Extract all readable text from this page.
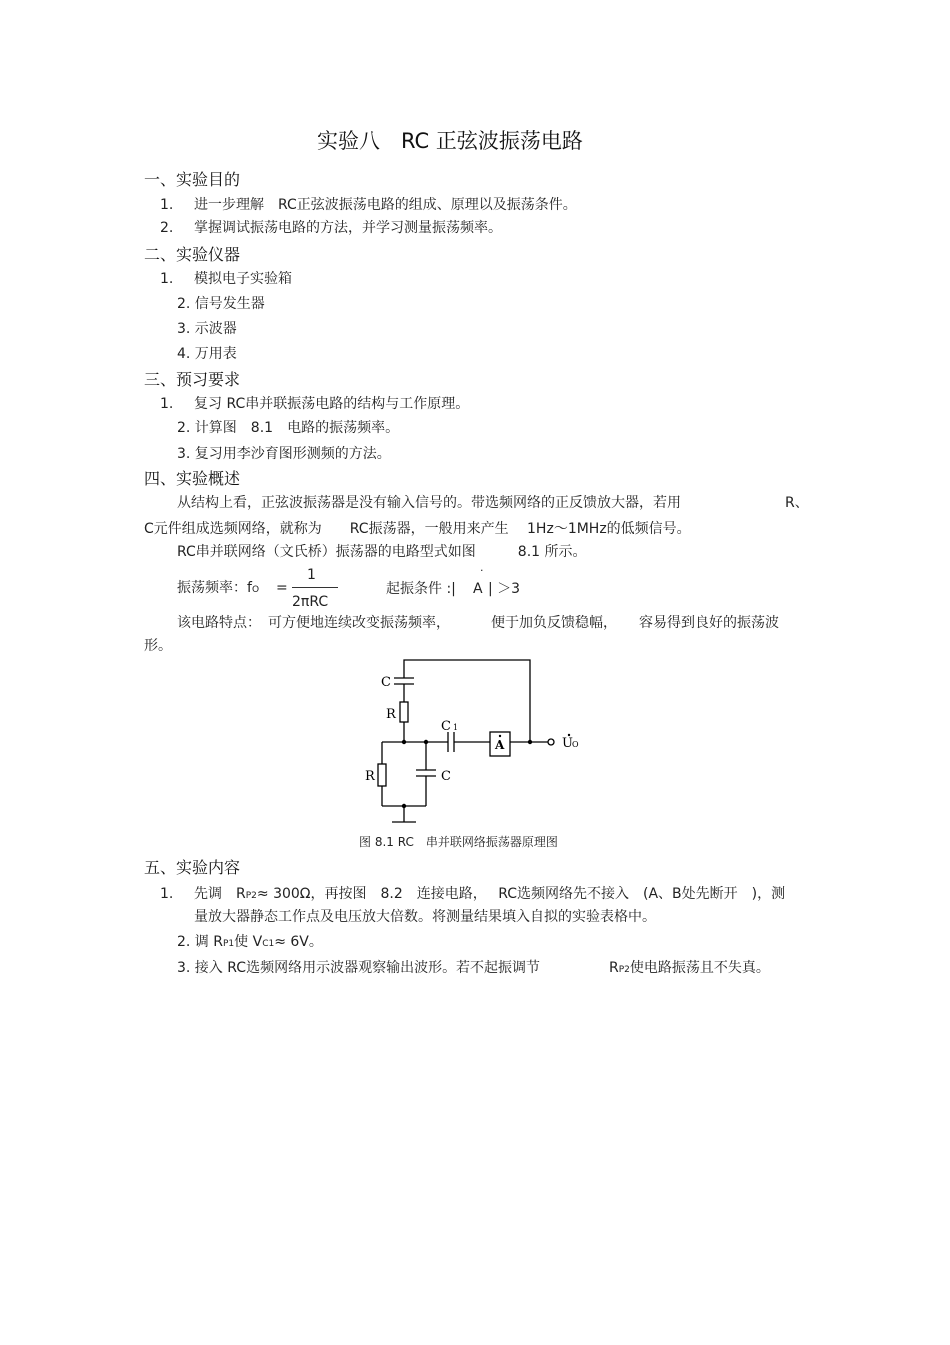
实验八　RC 正弦波振荡电路
一、实验目的
1. 进一步理解　RC正弦波振荡电路的组成、原理以及振荡条件。
2. 掌握调试振荡电路的方法，并学习测量振荡频率。
二、实验仪器
1. 模拟电子实验箱
2. 信号发生器
3. 示波器
4. 万用表
三、预习要求
1. 复习 RC串并联振荡电路的结构与工作原理。
2. 计算图　8.1　电路的振荡频率。
3. 复习用李沙育图形测频的方法。
四、实验概述
从结构上看，正弦波振荡器是没有输入信号的。带选频网络的正反馈放大器，若用	R、
C元件组成选频网络，就称为　　RC振荡器，一般用来产生　 1Hz～1MHz的低频信号。
RC串并联网络（文氏桥）振荡器的电路型式如图　　　8.1 所示。
振荡频率：fO =
1
2πRC
起振条件 :|
·
A | ＞3
该电路特点：　可方便地连续改变振荡频率，	便于加负反馈稳幅， 容易得到良好的振荡波
形。
C
R
C 1
A	U O
R	C
图 8.1 RC　串并联网络振荡器原理图
五、实验内容
1. 先调　RP2≈ 300Ω，再按图　8.2　连接电路，　 RC选频网络先不接入　(A、B处先断开　)，测
量放大器静态工作点及电压放大倍数。将测量结果填入自拟的实验表格中。
2. 调 RP1使 VC1≈ 6V。
3. 接入 RC选频网络用示波器观察输出波形。若不起振调节	RP2使电路振荡且不失真。
